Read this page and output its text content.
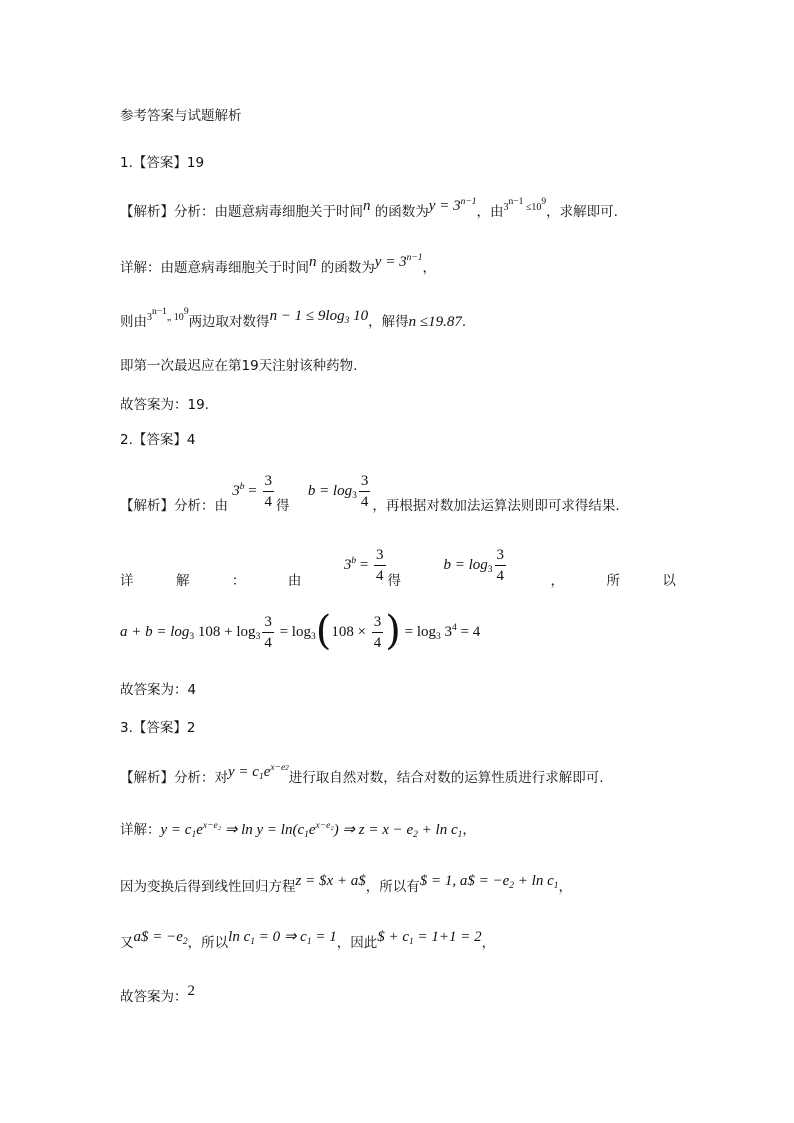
参考答案与试题解析
1.【答案】19
【解析】分析：由题意病毒细胞关于时间n 的函数为$y = 3^{n-1}$，由$^{3^{n-1} \le 10^9}$，求解即可.
详解：由题意病毒细胞关于时间n 的函数为$y = 3^{n-1}$，
则由$^{3^{n-1}„ 10^9}$两边取对数得$n - 1 \le 9\log_3$ 10，解得n ≤19.87.
即第一次最迟应在第19天注射该种药物.
故答案为：19.
2.【答案】4
【解析】分析：由 $3^b = \frac{3}{4}$ 得 $b = \log_3 \frac{3}{4}$ ，再根据对数加法运算法则即可求得结果.
详	解	：	由
$3^b = \frac{3}{4}$ 得
$b = \log_3 \frac{3}{4}$	，	所	以
$a + b = \log_3 108 + \log_3 \frac{3}{4} = \log_3(108 \times \frac{3}{4}$ ) = $\log_3 3^4 = 4$
故答案为：4
3.【答案】2
【解析】分析：对$y = c_1e^{x-e2}$进行取自然对数，结合对数的运算性质进行求解即可.
详解：$y = c_1e^{x-e_2}$ ⇒ $\ln y = \ln(c_1e^{x-e_2})$ ⇒ $z = x - e_2 + \ln c_1$，
因为变换后得到线性回归方程z = $x + a$，所以有$ = 1, a$ = $-e_2 + \ln c_1$，
又a$ = $-e_2$，所以$\ln c_1 = 0$ ⇒ $c_1 = 1$，因此$ + $c_1 = 1+1 = 2$，
故答案为：2
